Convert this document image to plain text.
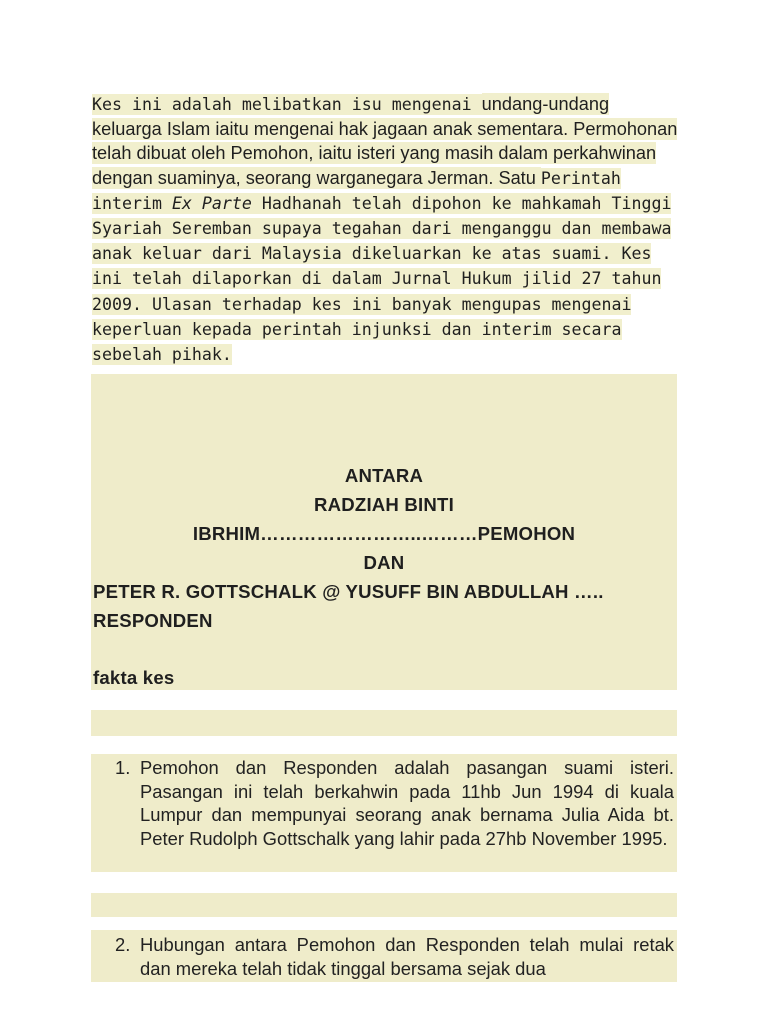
Kes ini adalah melibatkan isu mengenai undang-undang keluarga Islam iaitu mengenai hak jagaan anak sementara. Permohonan telah dibuat oleh Pemohon, iaitu isteri yang masih dalam perkahwinan dengan suaminya, seorang warganegara Jerman. Satu Perintah interim Ex Parte Hadhanah telah dipohon ke mahkamah Tinggi Syariah Seremban supaya tegahan dari menganggu dan membawa anak keluar dari Malaysia dikeluarkan ke atas suami. Kes ini telah dilaporkan di dalam Jurnal Hukum jilid 27 tahun 2009. Ulasan terhadap kes ini banyak mengupas mengenai keperluan kepada perintah injunksi dan interim secara sebelah pihak.
ANTARA
RADZIAH BINTI
IBRHIM……………………..………PEMOHON
DAN
PETER R. GOTTSCHALK @ YUSUFF BIN ABDULLAH …..
RESPONDEN
fakta kes
1. Pemohon dan Responden adalah pasangan suami isteri. Pasangan ini telah berkahwin pada 11hb Jun 1994 di kuala Lumpur dan mempunyai seorang anak bernama Julia Aida bt. Peter Rudolph Gottschalk yang lahir pada 27hb November 1995.
2. Hubungan antara Pemohon dan Responden telah mulai retak dan mereka telah tidak tinggal bersama sejak dua
